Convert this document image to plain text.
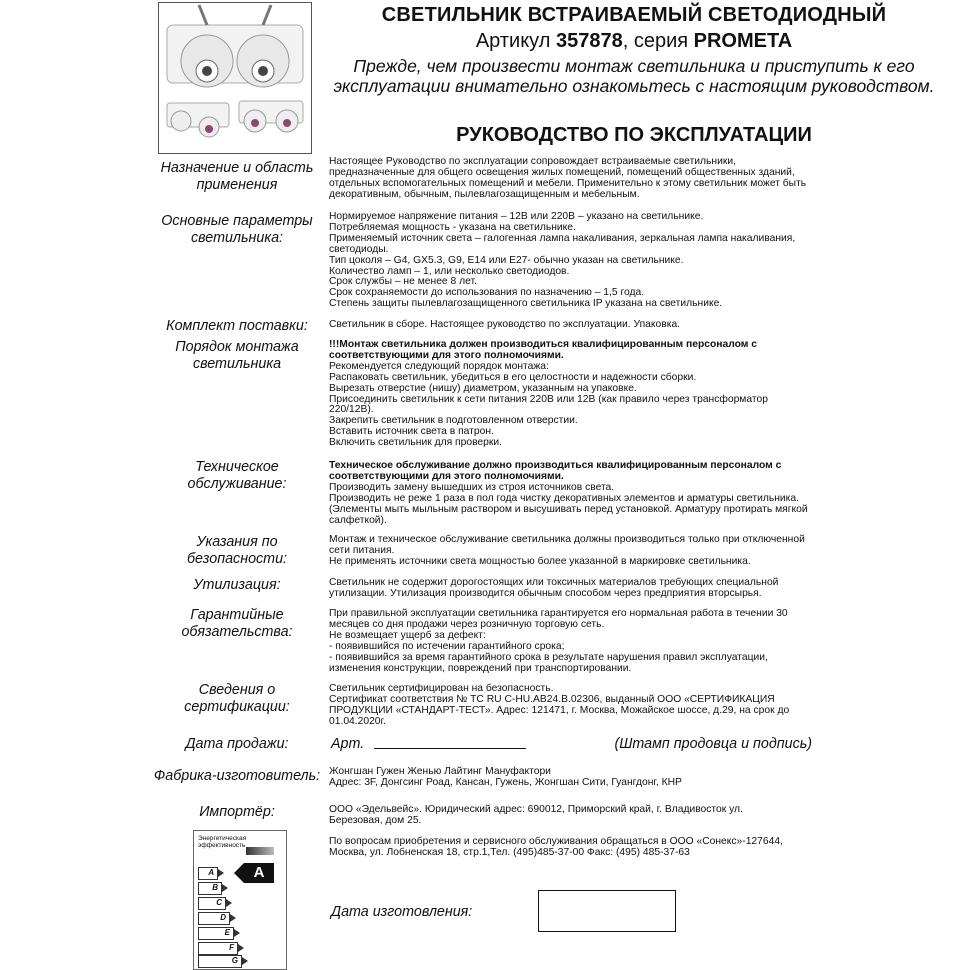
СВЕТИЛЬНИК ВСТРАИВАЕМЫЙ СВЕТОДИОДНЫЙ
Артикул 357878, серия PROMETA
Прежде, чем произвести монтаж светильника и приступить к его эксплуатации внимательно ознакомьтесь с настоящим руководством.
РУКОВОДСТВО ПО ЭКСПЛУАТАЦИИ
Назначение и область применения
Настоящее Руководство по эксплуатации сопровождает встраиваемые светильники, предназначенные для общего освещения жилых помещений, помещений общественных зданий, отдельных вспомогательных помещений и мебели. Применительно к этому светильник может быть декоративным, обычным, пылевлагозащищенным и мебельным.
Основные параметры светильника:

Нормируемое напряжение питания – 12В или 220В – указано на светильнике.

Потребляемая мощность - указана на светильнике.

Применяемый источник света – галогенная лампа накаливания, зеркальная лампа накаливания, светодиоды.

Тип цоколя – G4, GX5.3, G9, E14 или E27- обычно указан на светильнике.

Количество ламп – 1, или несколько светодиодов.

Срок службы – не менее 8 лет.

Срок сохраняемости до использования по назначению – 1,5 года.

Степень защиты пылевлагозащищенного светильника IP указана на светильнике.

Комплект поставки:	Светильник в сборе. Настоящее руководство по эксплуатации. Упаковка.
Порядок монтажа светильника

!!!Монтаж светильника должен производиться квалифицированным персоналом с соответствующими для этого полномочиями.

Рекомендуется следующий порядок монтажа:

Распаковать светильник, убедиться в его целостности и надежности сборки.

Вырезать отверстие (нишу) диаметром, указанным на упаковке.

Присоединить светильник к сети питания 220В или 12В (как правило через трансформатор 220/12В).

Закрепить светильник в подготовленном отверстии.

Вставить источник света в патрон.

Включить светильник для проверки.

Техническое обслуживание:

Техническое обслуживание должно производиться квалифицированным персоналом с соответствующими для этого полномочиями.

Производить замену вышедших из строя источников света.

Производить не реже 1 раза в пол года чистку декоративных элементов и арматуры светильника. (Элементы мыть мыльным раствором и высушивать перед установкой. Арматуру протирать мягкой салфеткой).

Указания по безопасности:

Монтаж и техническое обслуживание светильника должны производиться только при отключенной сети питания.

Не применять источники света мощностью более указанной в маркировке светильника.

Утилизация:	Светильник не содержит дорогостоящих или токсичных материалов требующих специальной утилизации. Утилизация производится обычным способом через предприятия вторсырья.
Гарантийные обязательства:

При правильной эксплуатации светильника гарантируется его нормальная работа в течении 30 месяцев со дня продажи через розничную торговую сеть.

Не возмещает ущерб за дефект:

- появившийся по истечении гарантийного срока;

- появившийся за время гарантийного срока в результате нарушения правил эксплуатации, изменения конструкции, повреждений при транспортировании.

Сведения о сертификации:

Светильник сертифицирован на безопасность.

Сертификат соответствия № ТС RU C-HU.АВ24.В.02306, выданный ООО «СЕРТИФИКАЦИЯ ПРОДУКЦИИ «СТАНДАРТ-ТЕСТ». Адрес: 121471, г. Москва, Можайское шоссе, д.29, на срок до 01.04.2020г.

Дата продажи:	Арт.	(Штамп продовца и подпись)
Фабрика-изготовитель: Жонгшан Гужен Женью Лайтинг Мануфактори

Адрес: 3F, Донгсинг Роад, Кансан, Гужень, Жонгшан Сити, Гуангдонг, КНР

Импортёр:	ООО «Эдельвейс». Юридический адрес: 690012, Приморский край, г. Владивосток ул. Березовая, дом 25.
По вопросам приобретения и сервисного обслуживания обращаться в ООО «Сонекс»-127644, Москва, ул. Лобненская 18, стр.1,Тел. (495)485-37-00 Факс: (495) 485-37-63
Энергетическая эффективность
A
A
B
C
D
E
F
G
Дата изготовления:
